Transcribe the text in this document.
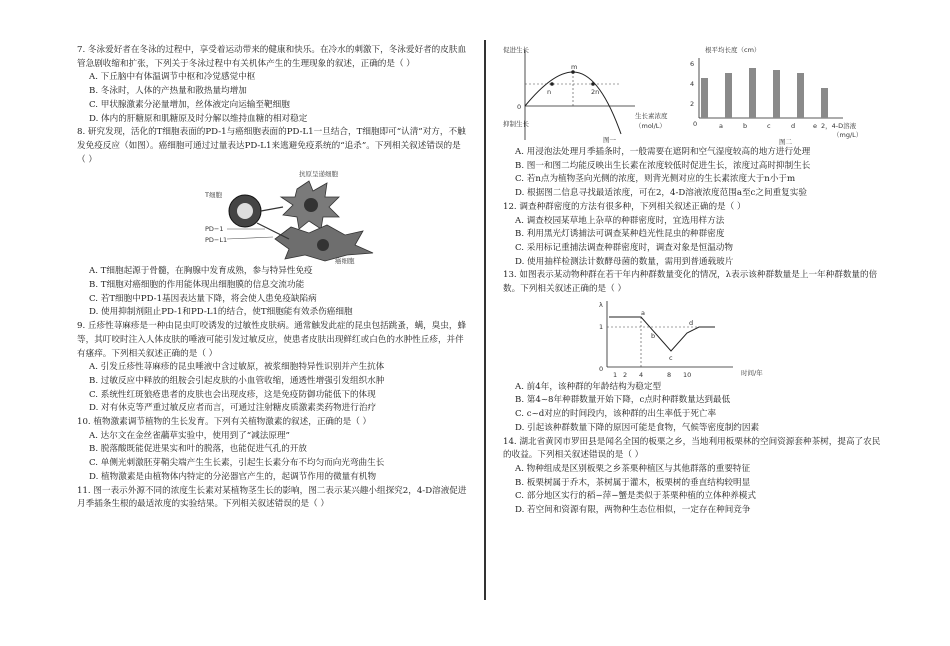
7. 冬泳爱好者在冬泳的过程中，享受着运动带来的健康和快乐。在冷水的刺激下，冬泳爱好者的皮肤血管急剧收缩和扩张，下列关于冬泳过程中有关机体产生的生理现象的叙述，正确的是（ ）
A. 下丘脑中有体温调节中枢和冷觉感觉中枢
B. 冬泳时，人体的产热量和散热量均增加
C. 甲状腺激素分泌量增加，丝体液定向运输至靶细胞
D. 体内的肝糖原和肌糖原及时分解以维持血糖的相对稳定
8. 研究发现，活化的T细胞表面的PD-1与癌细胞表面的PD-L1一旦结合，T细胞即可“认清”对方，不触发免疫反应（如图）。癌细胞可通过过量表达PD-L1来逃避免疫系统的“追杀”。下列相关叙述错误的是（ ）
抗原呈递细胞
T细胞
PD−1
PD−L1
癌细胞
A. T细胞起源于骨髓，在胸腺中发育成熟，参与特异性免疫
B. T细胞对癌细胞的作用能体现出细胞膜的信息交流功能
C. 若T细胞中PD-1基因表达量下降，将会使人患免疫缺陷病
D. 使用抑制剂阻止PD-1和PD-L1的结合，使T细胞能有效杀伤癌细胞
9. 丘疹性荨麻疹是一种由昆虫叮咬诱发的过敏性皮肤病。通常触发此症的昆虫包括跳蚤，螨，臭虫，蜂等，其叮咬时注入人体皮肤的唾液可能引发过敏反应，使患者皮肤出现鲜红或白色的水肿性丘疹，并伴有瘙痒。下列相关叙述正确的是（ ）
A. 引发丘疹性荨麻疹的昆虫唾液中含过敏原，被浆细胞特异性识别并产生抗体
B. 过敏反应中释放的组胺会引起皮肤的小血管收缩，通透性增强引发组织水肿
C. 系统性红斑狼疮患者的皮肤也会出现皮疹，这是免疫防御功能低下的体现
D. 对有休克等严重过敏反应者而言，可通过注射糖皮质激素类药物进行治疗
10. 植物激素调节植物的生长发育。下列有关植物激素的叙述，正确的是（ ）
A. 达尔文在金丝雀虉草实验中，使用到了“减法原理”
B. 脱落酸既能促进果实和叶的脱落，也能促进气孔的开放
C. 单侧光刺激胚芽鞘尖端产生生长素，引起生长素分布不均匀而向光弯曲生长
D. 植物激素是由植物体内特定的分泌器官产生的，起调节作用的微量有机物
11. 图一表示外源不同的浓度生长素对某植物茎生长的影响，图二表示某兴趣小组探究2，4-D溶液促进月季插条生根的最适浓度的实验结果。下列相关叙述错误的是（ ）
促进生长
抑制生长
0
m
n	2n
生长素浓度
（mol/L）
图一
根平均长度（cm）
6
4
2
0	a	b	c	d	e 2，4-D溶液
（mg/L）
图二
A. 用浸泡法处理月季插条时，一般需要在遮阴和空气湿度较高的地方进行处理
B. 图一和图二均能反映出生长素在浓度较低时促进生长，浓度过高时抑制生长
C. 若n点为植物茎向光侧的浓度，则背光侧对应的生长素浓度大于n小于m
D. 根据图二信息寻找最适浓度，可在2，4-D溶液浓度范围a至c之间重复实验
12. 调查种群密度的方法有很多种，下列相关叙述正确的是（ ）
A. 调查校园某草地上杂草的种群密度时，宜选用样方法
B. 利用黑光灯诱捕法可调查某种趋光性昆虫的种群密度
C. 采用标记重捕法调查种群密度时，调查对象是恒温动物
D. 使用抽样检测法计数酵母菌的数量，需用到普通载玻片
13. 如图表示某动物种群在若干年内种群数量变化的情况，λ表示该种群数量是上一年种群数量的倍数。下列相关叙述正确的是（ ）
λ
1
0
a
b
c
d
1 2 4	8 10	时间/年
A. 前4年，该种群的年龄结构为稳定型
B. 第4~8年种群数量开始下降，c点时种群数量达到最低
C. c~d对应的时间段内，该种群的出生率低于死亡率
D. 引起该种群数量下降的原因可能是食物，气候等密度制约因素
14. 湖北省黄冈市罗田县是闻名全国的板栗之乡，当地利用板栗林的空间资源套种茶树，提高了农民的收益。下列相关叙述错误的是（ ）
A. 物种组成是区别板栗之乡茶栗种植区与其他群落的重要特征
B. 板栗树属于乔木，茶树属于灌木，板栗树的垂直结构较明显
C. 部分地区实行的稻−萍−蟹是类似于茶栗种植的立体种养模式
D. 若空间和资源有限，两物种生态位相似，一定存在种间竞争
